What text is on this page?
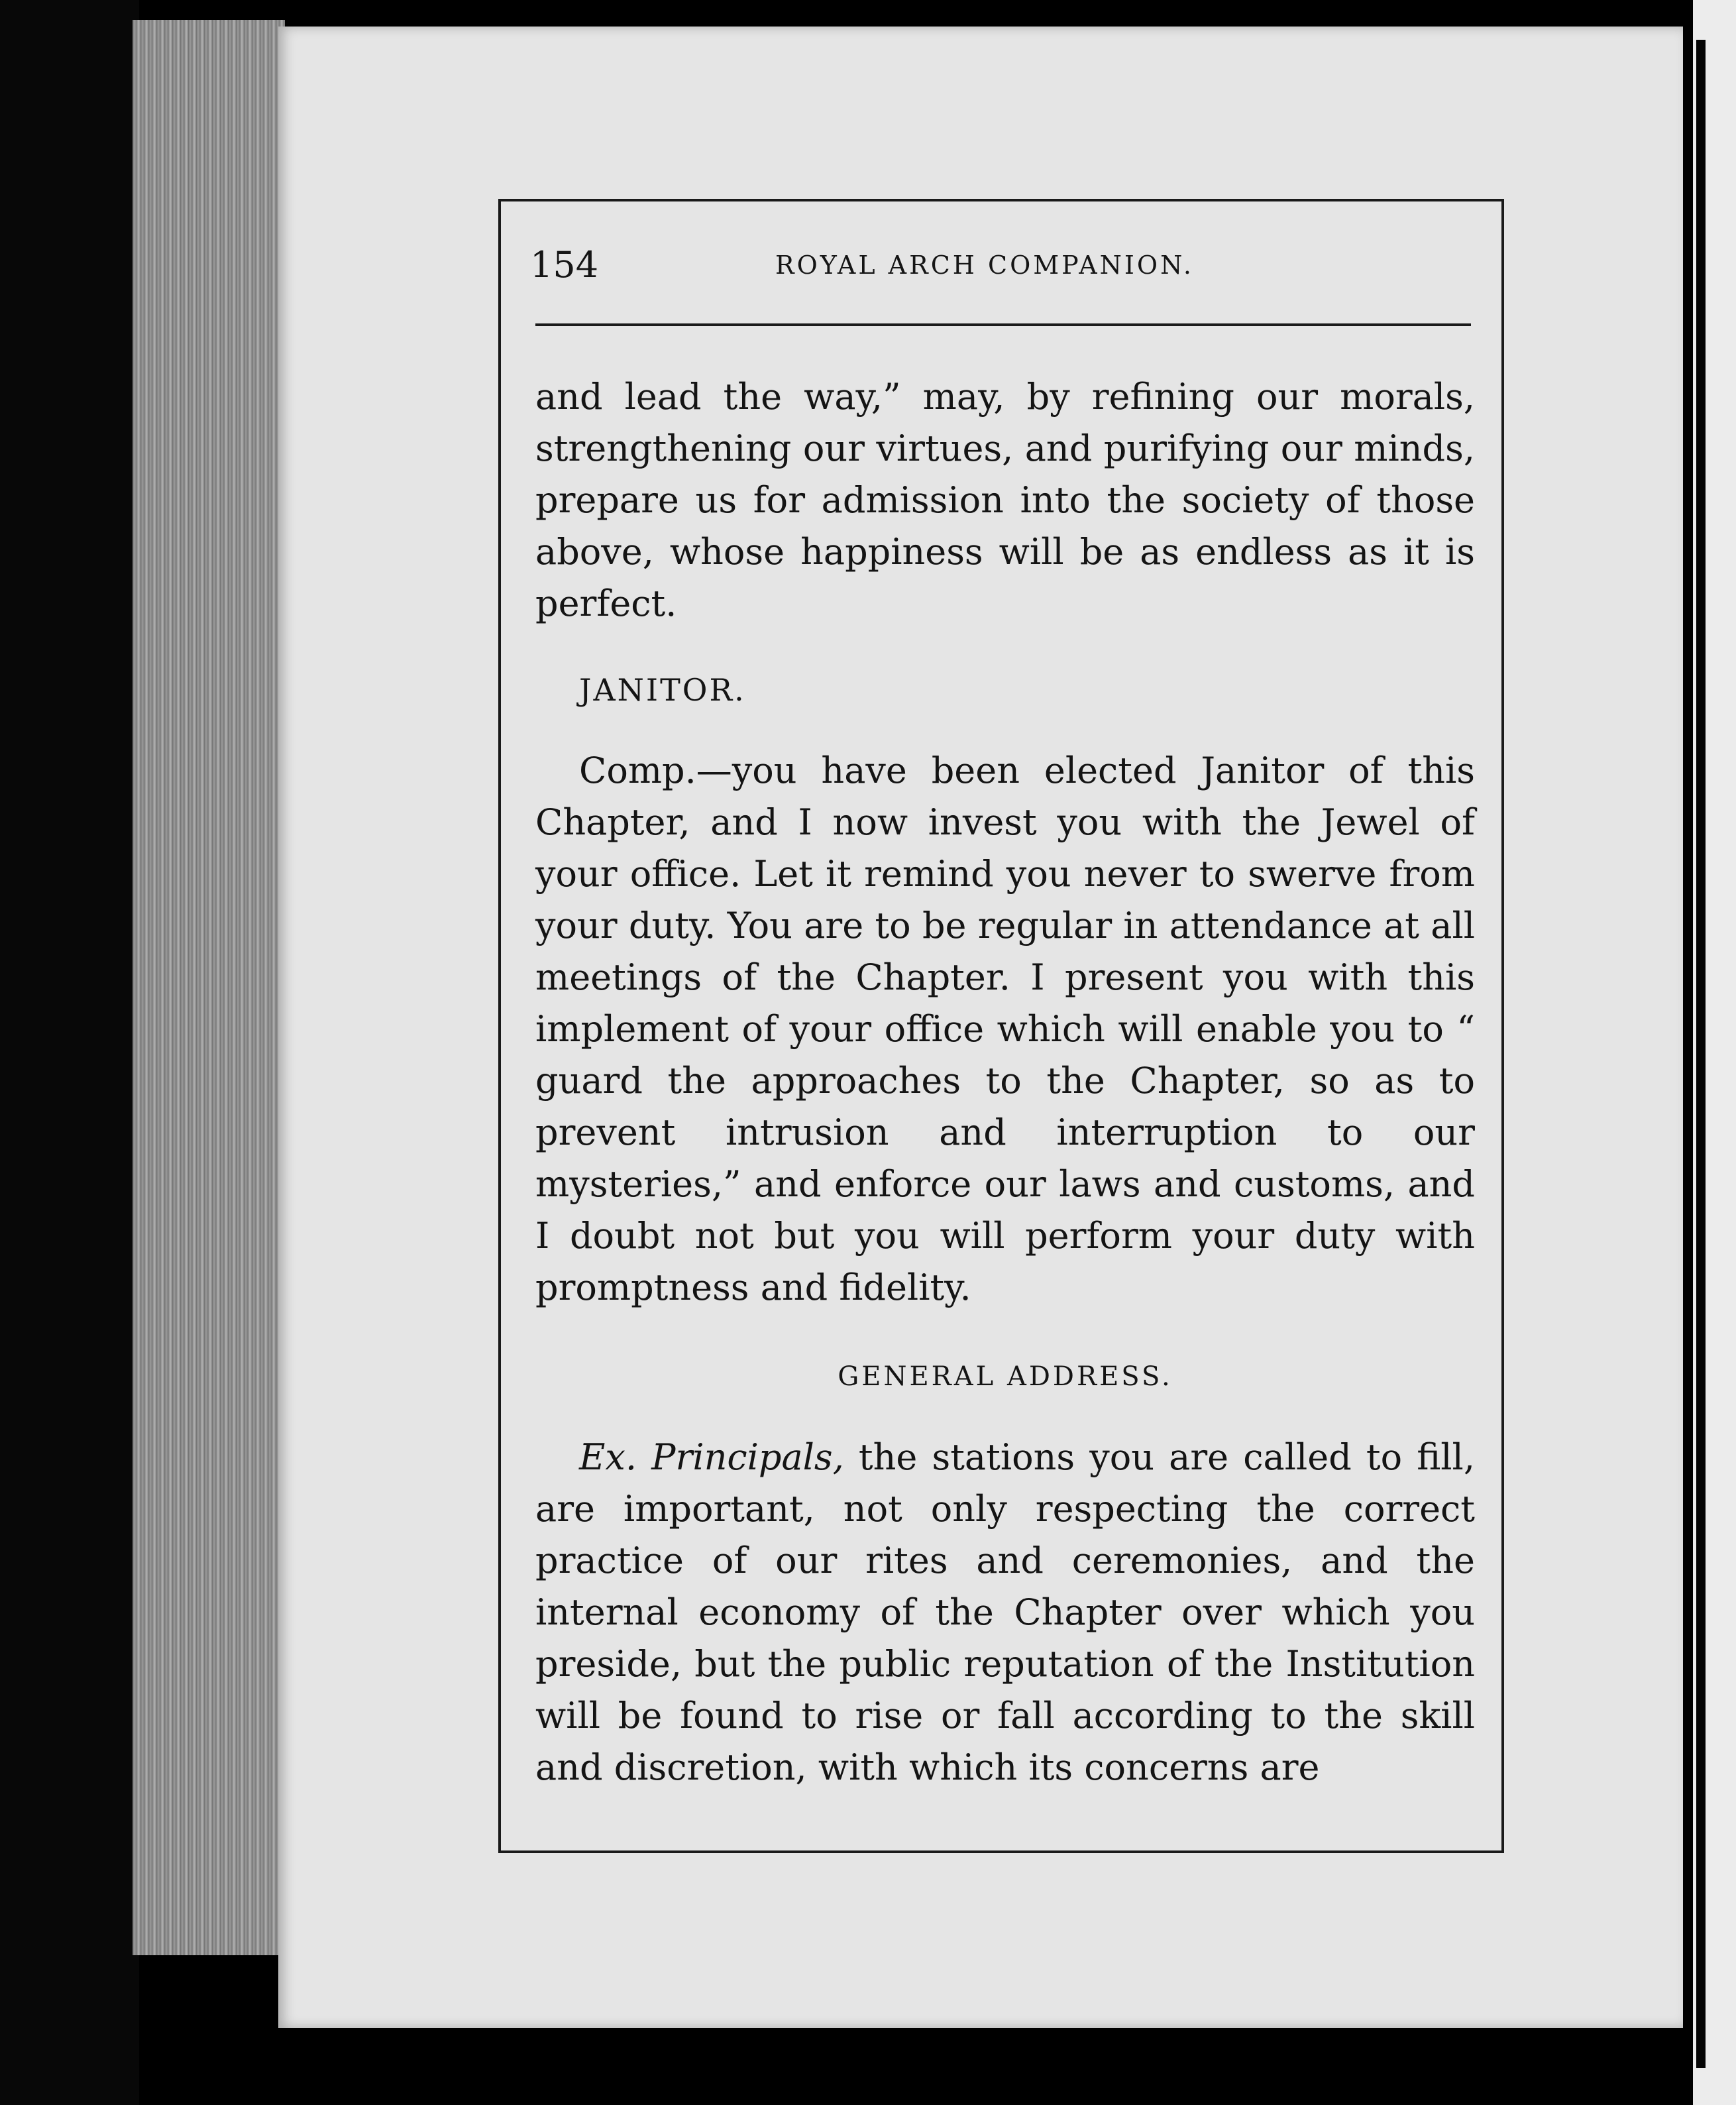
154	ROYAL ARCH COMPANION.

and lead the way,” may, by refining our morals, strengthening our virtues, and purifying our minds, prepare us for admission into the society of those above, whose happiness will be as endless as it is perfect.

JANITOR.

Comp.—you have been elected Janitor of this Chapter, and I now invest you with the Jewel of your office. Let it remind you never to swerve from your duty. You are to be regular in attendance at all meetings of the Chapter. I present you with this implement of your office which will enable you to “ guard the approaches to the Chapter, so as to prevent intrusion and interruption to our mysteries,” and enforce our laws and customs, and I doubt not but you will perform your duty with promptness and fidelity.

GENERAL ADDRESS.

Ex. Principals, the stations you are called to fill, are important, not only respecting the correct practice of our rites and ceremonies, and the internal economy of the Chapter over which you preside, but the public reputation of the Institution will be found to rise or fall according to the skill and discretion, with which its concerns are
